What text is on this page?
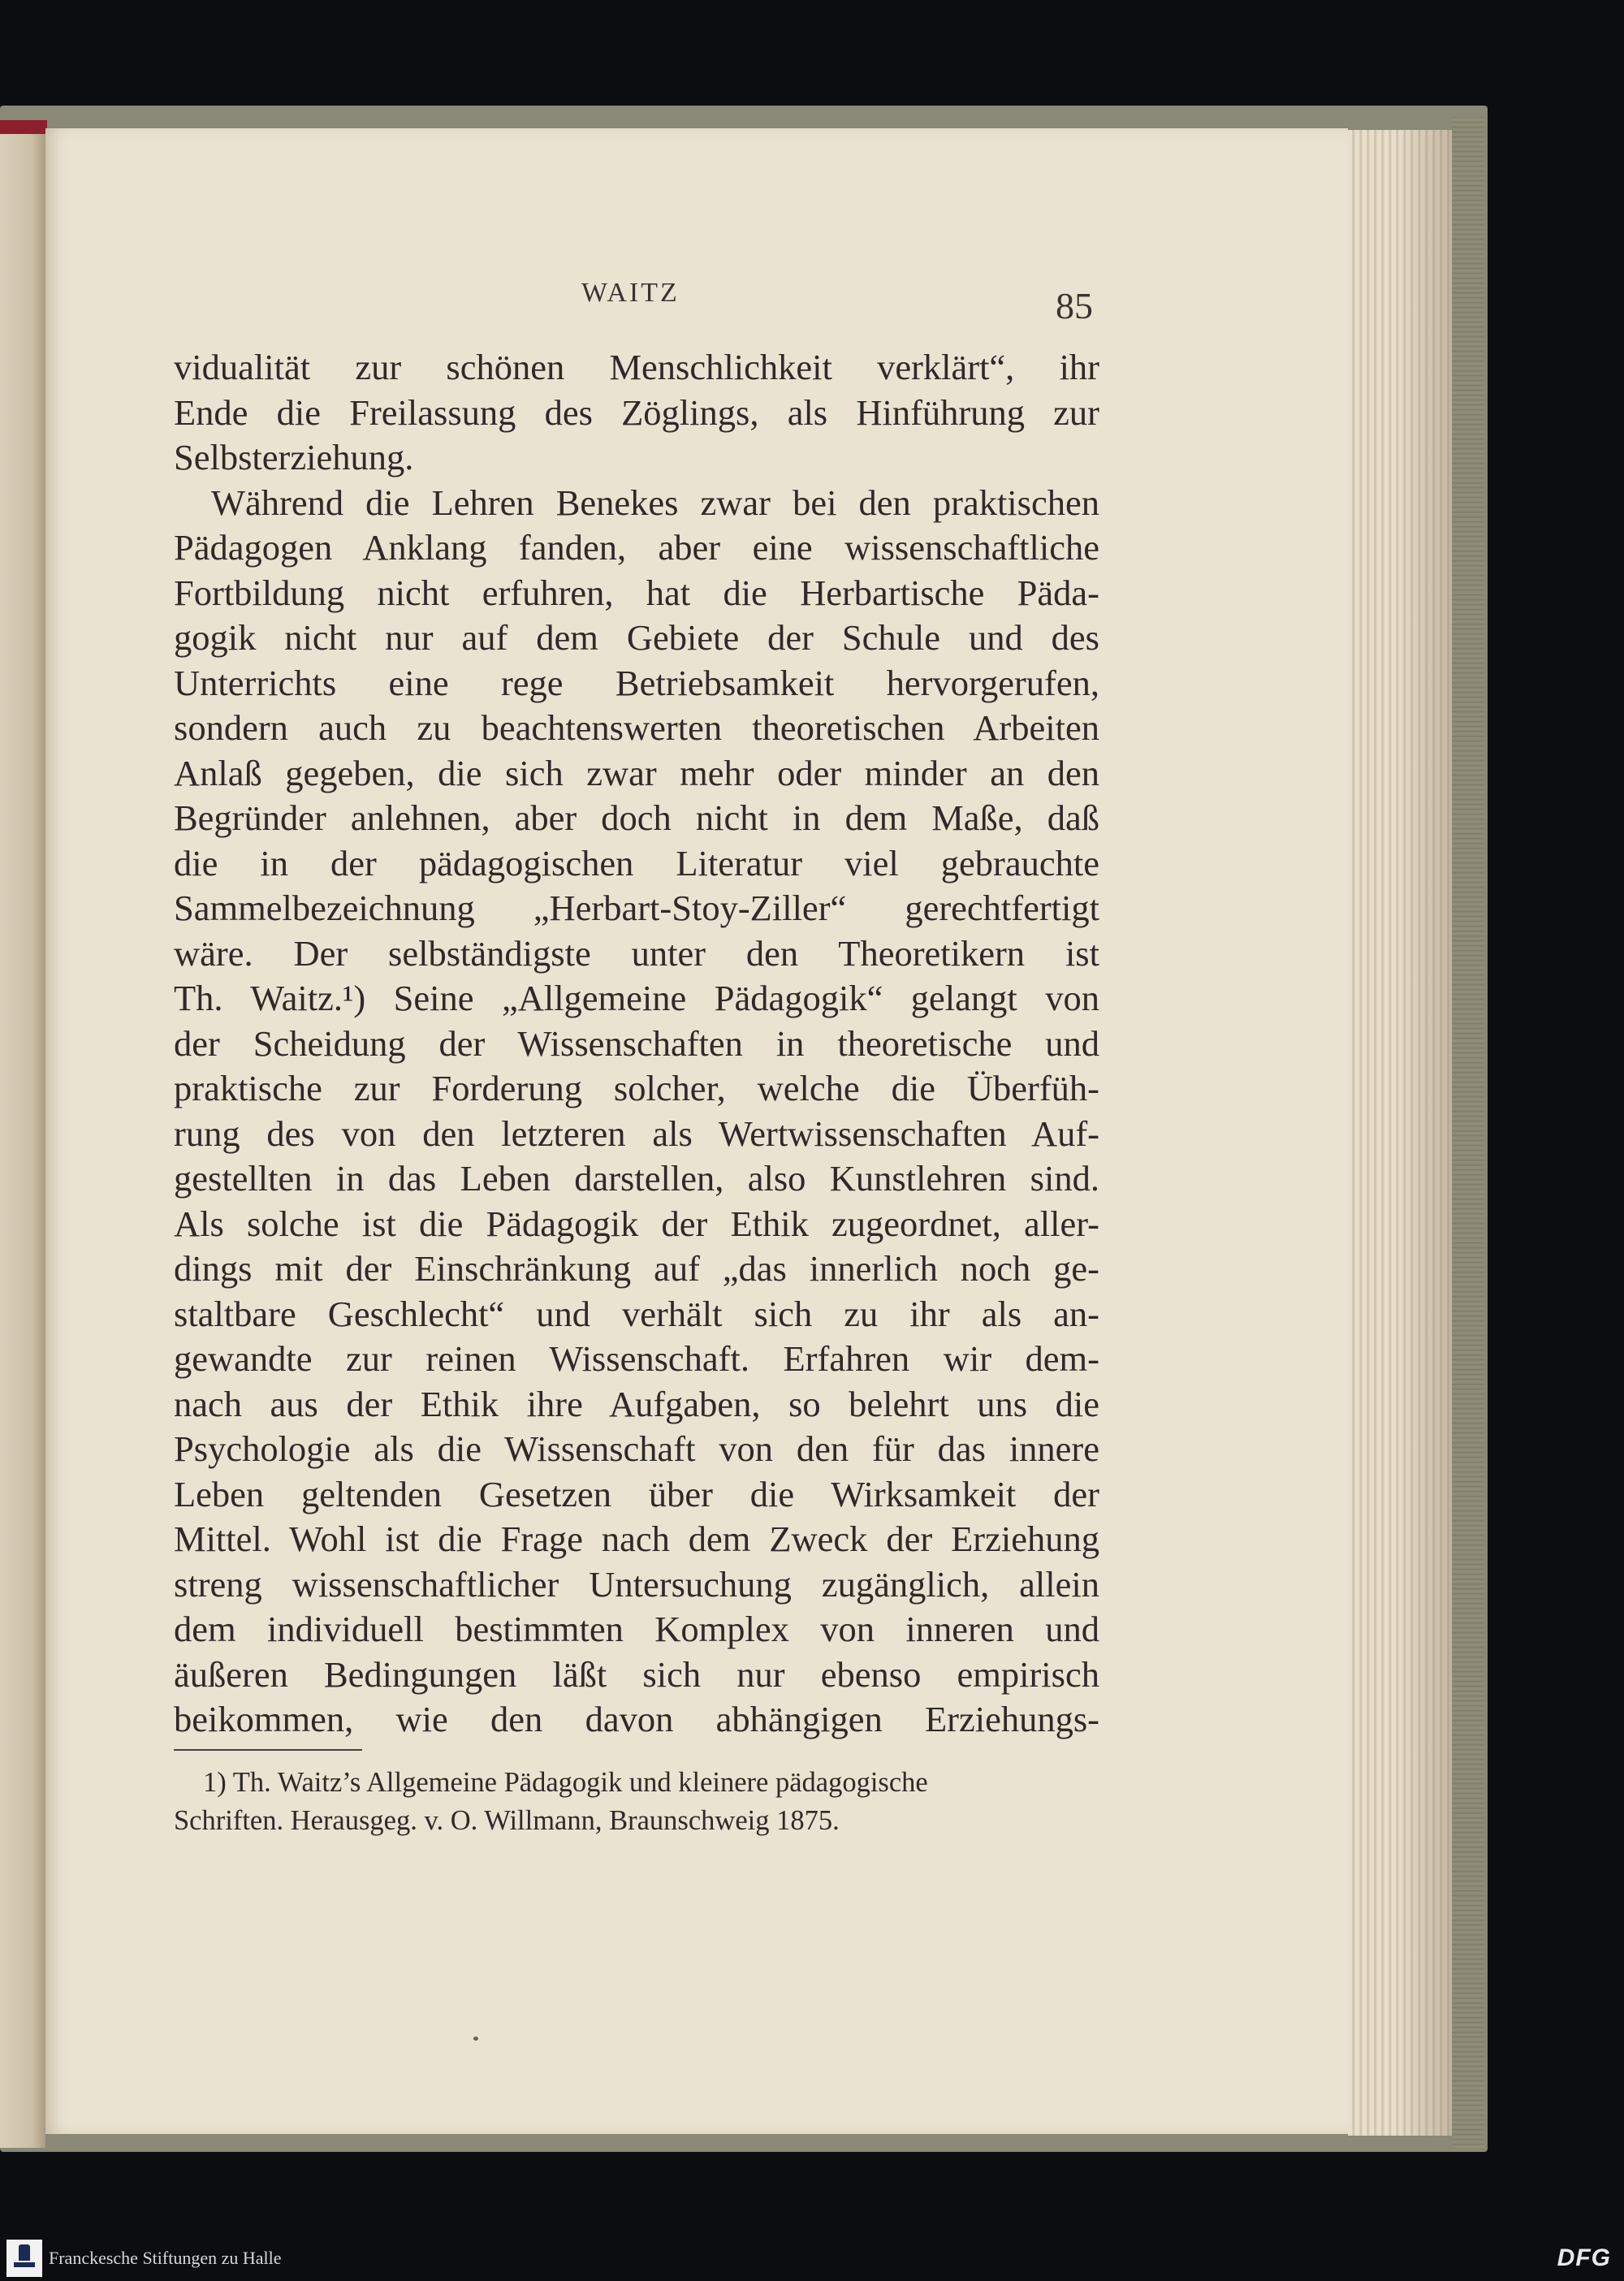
WAITZ	85
vidualität zur schönen Menschlichkeit verklärt“, ihr
Ende die Freilassung des Zöglings, als Hinführung zur
Selbsterziehung.
Während die Lehren Benekes zwar bei den praktischen
Pädagogen Anklang fanden, aber eine wissenschaftliche
Fortbildung nicht erfuhren, hat die Herbartische Päda-
gogik nicht nur auf dem Gebiete der Schule und des
Unterrichts eine rege Betriebsamkeit hervorgerufen,
sondern auch zu beachtenswerten theoretischen Arbeiten
Anlaß gegeben, die sich zwar mehr oder minder an den
Begründer anlehnen, aber doch nicht in dem Maße, daß
die in der pädagogischen Literatur viel gebrauchte
Sammelbezeichnung „Herbart-Stoy-Ziller“ gerechtfertigt
wäre. Der selbständigste unter den Theoretikern ist
Th. Waitz.¹) Seine „Allgemeine Pädagogik“ gelangt von
der Scheidung der Wissenschaften in theoretische und
praktische zur Forderung solcher, welche die Überfüh-
rung des von den letzteren als Wertwissenschaften Auf-
gestellten in das Leben darstellen, also Kunstlehren sind.
Als solche ist die Pädagogik der Ethik zugeordnet, aller-
dings mit der Einschränkung auf „das innerlich noch ge-
staltbare Geschlecht“ und verhält sich zu ihr als an-
gewandte zur reinen Wissenschaft. Erfahren wir dem-
nach aus der Ethik ihre Aufgaben, so belehrt uns die
Psychologie als die Wissenschaft von den für das innere
Leben geltenden Gesetzen über die Wirksamkeit der
Mittel. Wohl ist die Frage nach dem Zweck der Erziehung
streng wissenschaftlicher Untersuchung zugänglich, allein
dem individuell bestimmten Komplex von inneren und
äußeren Bedingungen läßt sich nur ebenso empirisch
beikommen, wie den davon abhängigen Erziehungs-
1) Th. Waitz’s Allgemeine Pädagogik und kleinere pädagogische
Schriften. Herausgeg. v. O. Willmann, Braunschweig 1875.
Franckesche Stiftungen zu Halle	DFG
